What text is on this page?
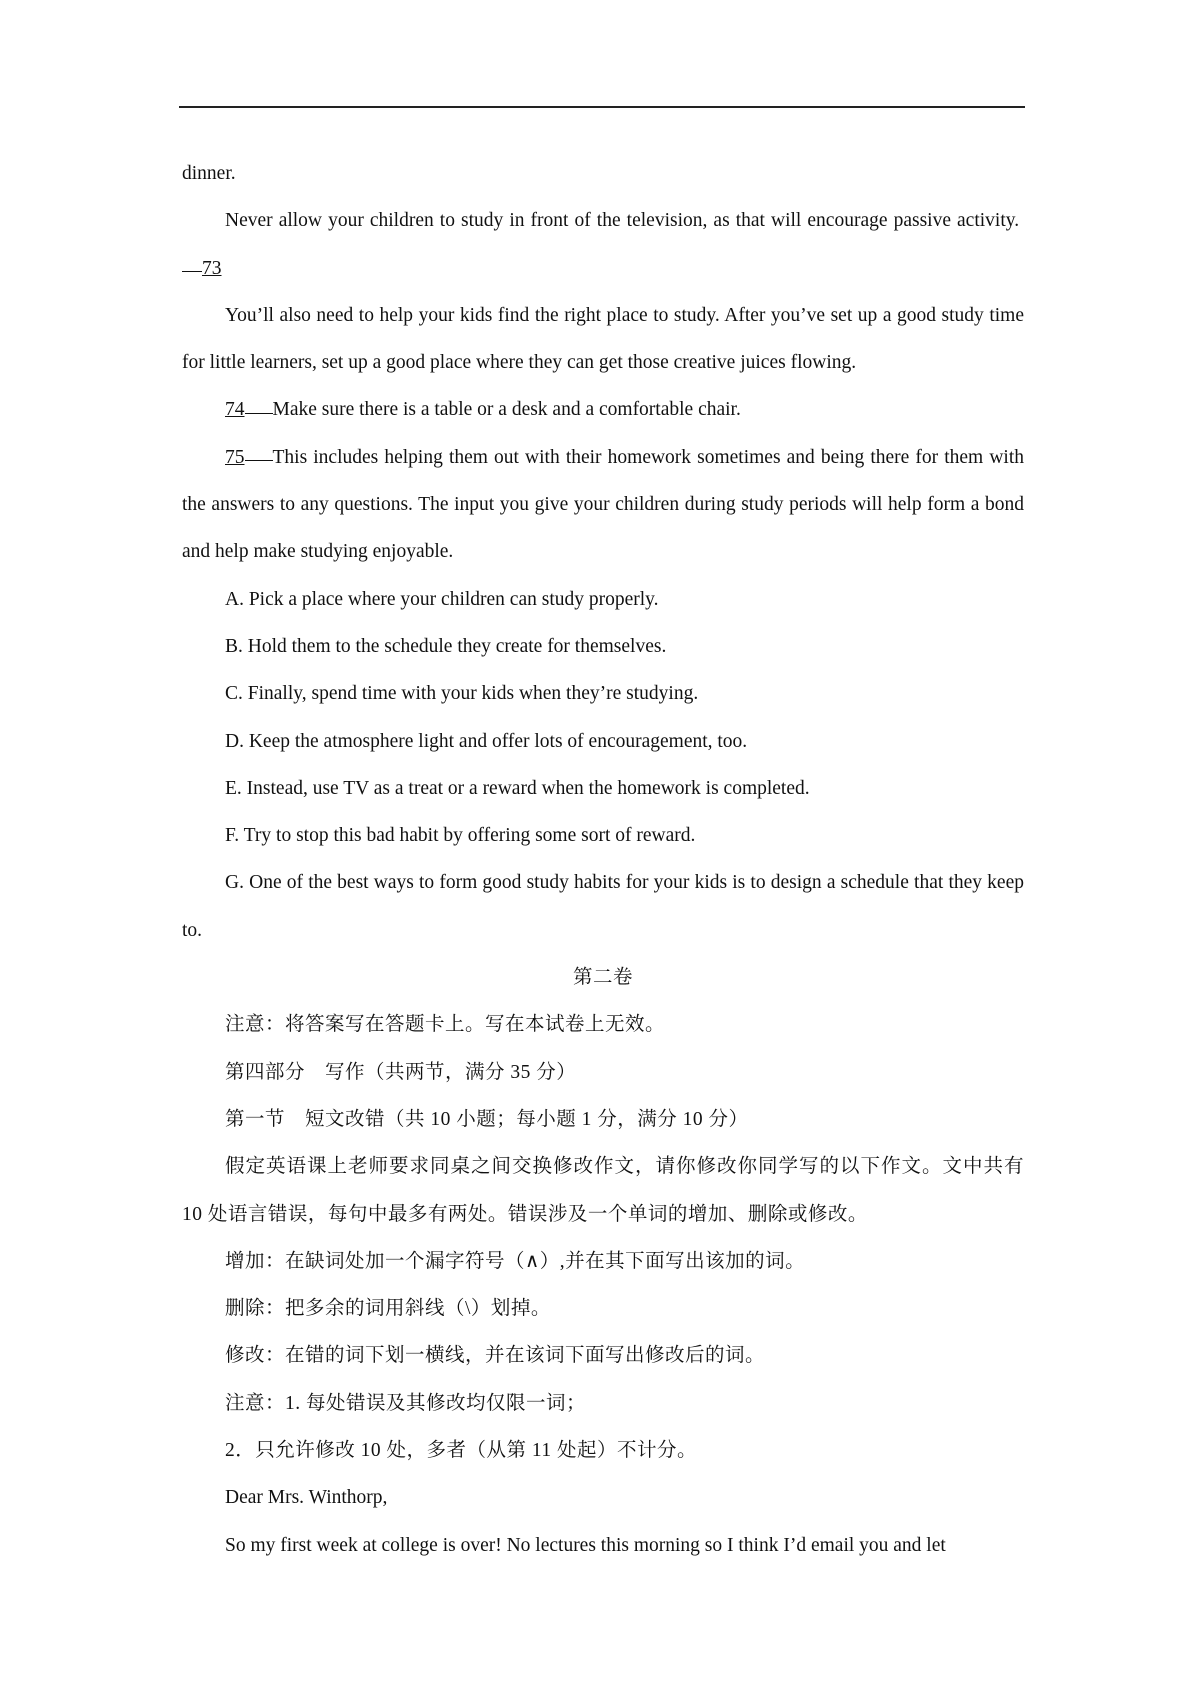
dinner.

Never allow your children to study in front of the television, as that will encourage passive activity.  73

You’ll also need to help your kids find the right place to study. After you’ve set up a good study time for little learners, set up a good place where they can get those creative juices flowing.

74 Make sure there is a table or a desk and a comfortable chair.

75 This includes helping them out with their homework sometimes and being there for them with the answers to any questions. The input you give your children during study periods will help form a bond and help make studying enjoyable.

A. Pick a place where your children can study properly.

B. Hold them to the schedule they create for themselves.

C. Finally, spend time with your kids when they’re studying.

D. Keep the atmosphere light and offer lots of encouragement, too.

E. Instead, use TV as a treat or a reward when the homework is completed.

F. Try to stop this bad habit by offering some sort of reward.

G. One of the best ways to form good study habits for your kids is to design a schedule that they keep to.

第二卷

注意：将答案写在答题卡上。写在本试卷上无效。

第四部分　写作（共两节，满分 35 分）

第一节　短文改错（共 10 小题；每小题 1 分，满分 10 分）

假定英语课上老师要求同桌之间交换修改作文，请你修改你同学写的以下作文。文中共有 10 处语言错误，每句中最多有两处。错误涉及一个单词的增加、删除或修改。

增加：在缺词处加一个漏字符号（∧）,并在其下面写出该加的词。

删除：把多余的词用斜线（\）划掉。

修改：在错的词下划一横线，并在该词下面写出修改后的词。

注意：1. 每处错误及其修改均仅限一词；

2．只允许修改 10 处，多者（从第 11 处起）不计分。

Dear Mrs. Winthorp,

So my first week at college is over! No lectures this morning so I think I’d email you and let
